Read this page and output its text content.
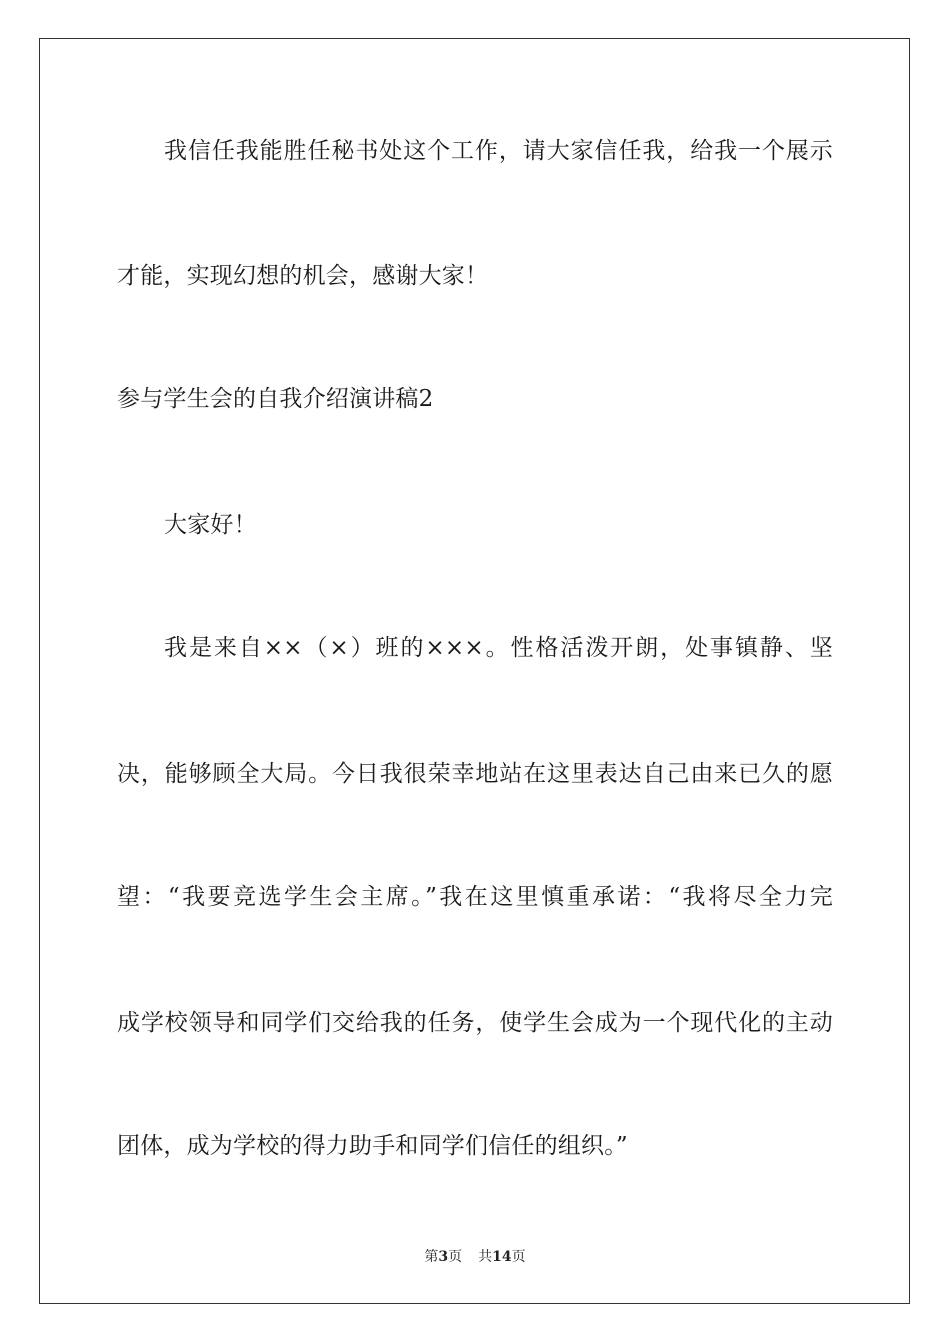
我信任我能胜任秘书处这个工作，请大家信任我，给我一个展示
才能，实现幻想的机会，感谢大家！
参与学生会的自我介绍演讲稿2
大家好！
我是来自××（×）班的×××。性格活泼开朗，处事镇静、坚
决，能够顾全大局。今日我很荣幸地站在这里表达自己由来已久的愿
望：“我要竞选学生会主席。”我在这里慎重承诺：“我将尽全力完
成学校领导和同学们交给我的任务，使学生会成为一个现代化的主动
团体，成为学校的得力助手和同学们信任的组织。”
第3页 共14页
